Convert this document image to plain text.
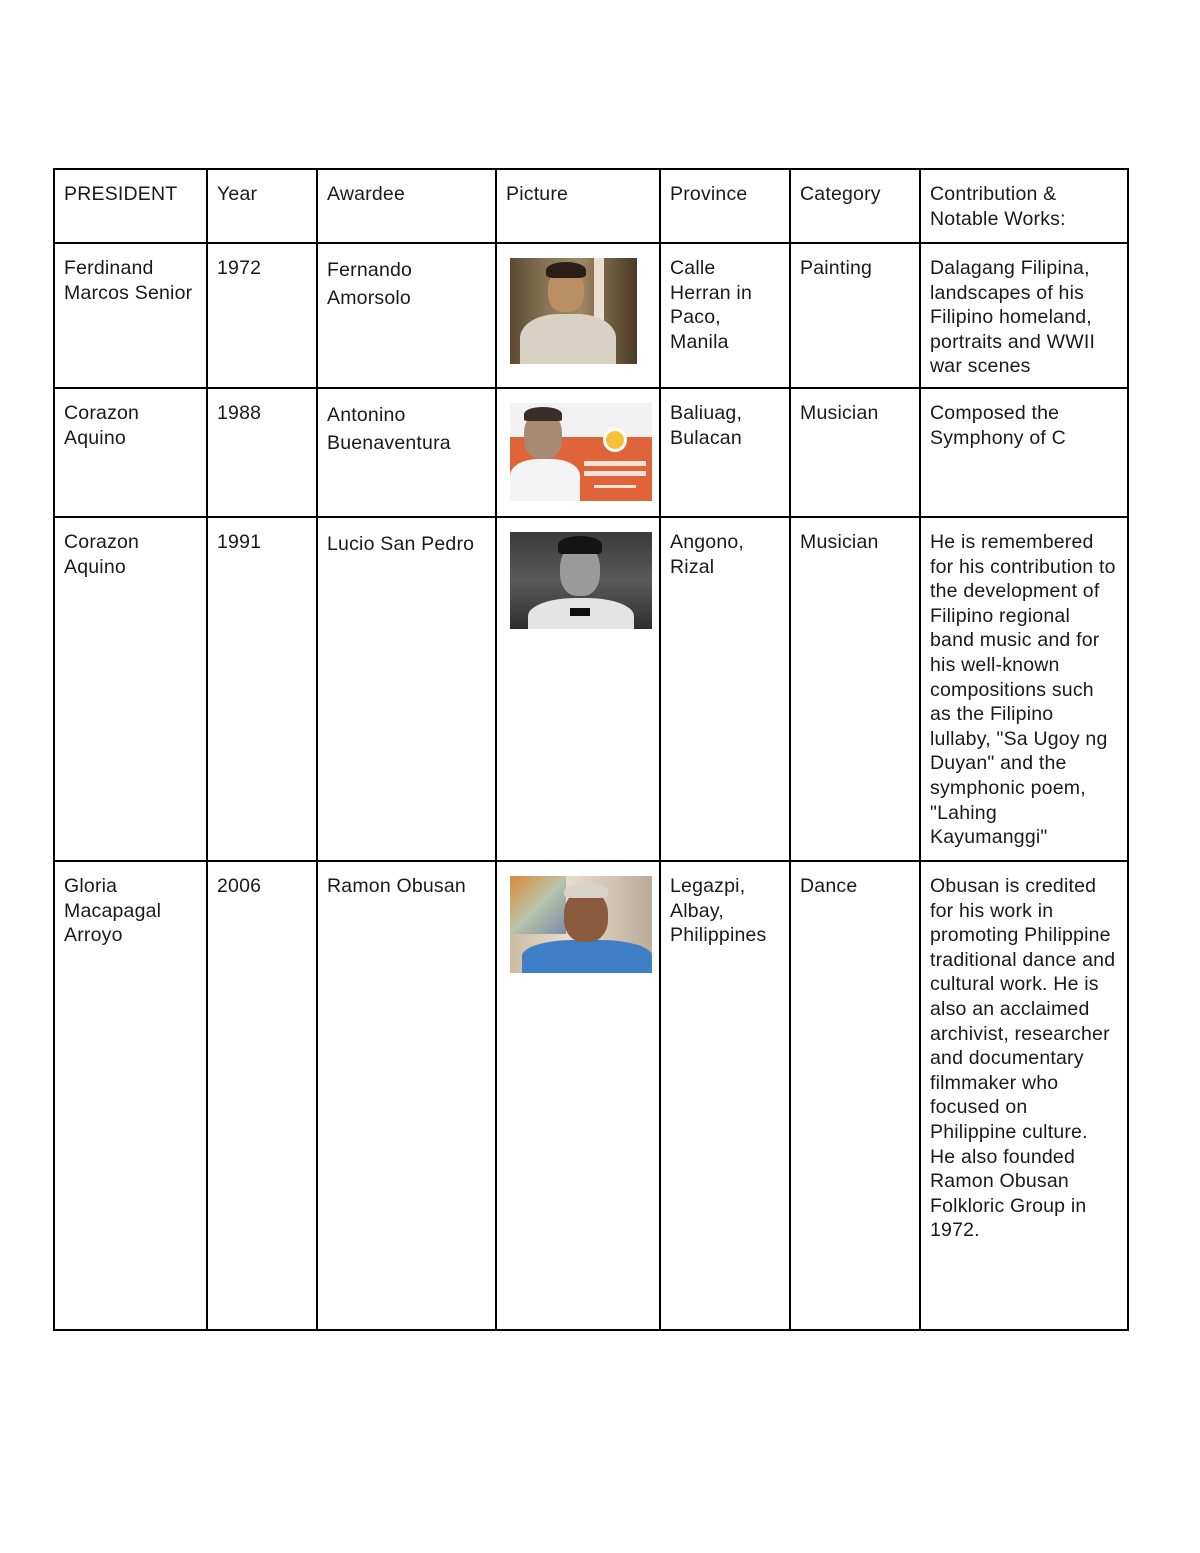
PRESIDENT	Year	Awardee	Picture	Province	Category	Contribution & Notable Works:
Ferdinand Marcos Senior	1972	Fernando Amorsolo		Calle Herran in Paco, Manila	Painting	Dalagang Filipina, landscapes of his Filipino homeland, portraits and WWII war scenes
Corazon Aquino	1988	Antonino Buenaventura		Baliuag, Bulacan	Musician	Composed the Symphony of C
Corazon Aquino	1991	Lucio San Pedro		Angono, Rizal	Musician	He is remembered for his contribution to the development of Filipino regional band music and for his well-known compositions such as the Filipino lullaby, "Sa Ugoy ng Duyan" and the symphonic poem, "Lahing Kayumanggi"
Gloria Macapagal Arroyo	2006	Ramon Obusan		Legazpi, Albay, Philippines	Dance	Obusan is credited for his work in promoting Philippine traditional dance and cultural work. He is also an acclaimed archivist, researcher and documentary filmmaker who focused on Philippine culture. He also founded Ramon Obusan Folkloric Group in 1972.
